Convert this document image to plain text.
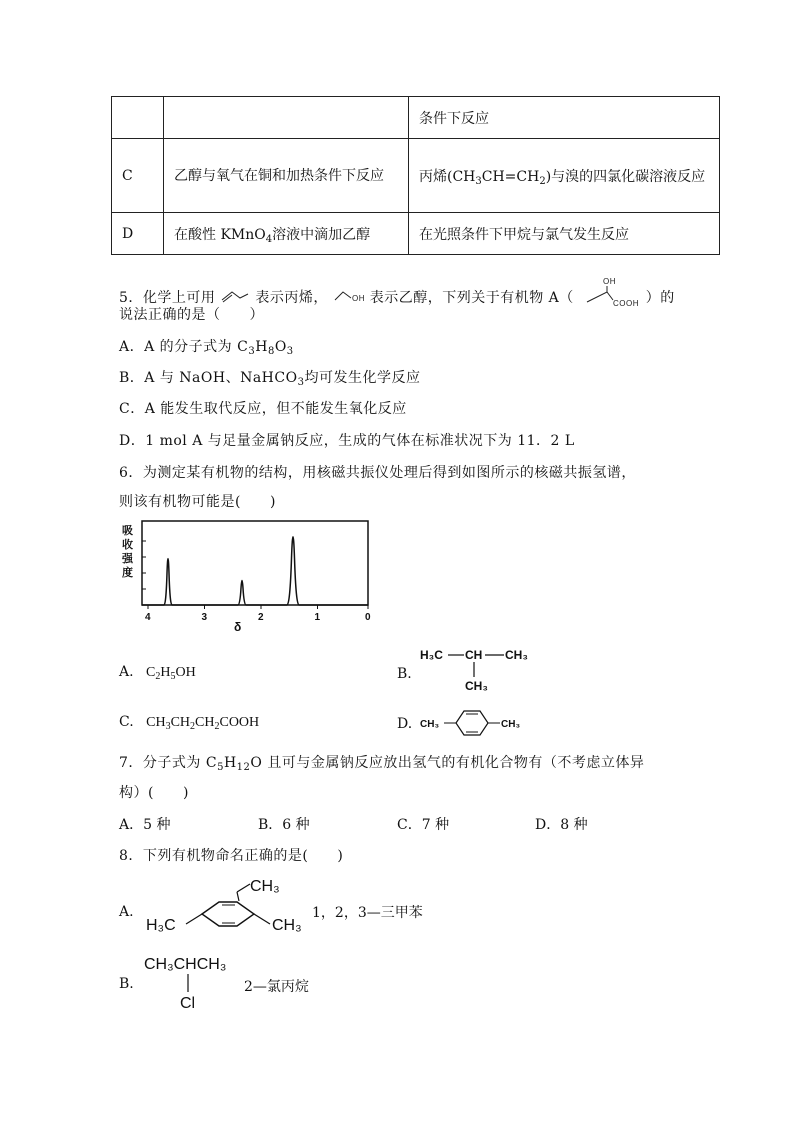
		条件下反应
C	乙醇与氧气在铜和加热条件下反应	丙烯$(CH_3CH=CH_2)$与溴的四氯化碳溶液反应
D	在酸性 KMnO$_4$溶液中滴加乙醇	在光照条件下甲烷与氯气发生反应
5．化学上可用	表示丙烯，	OH 表示乙醇，下列关于有机物 A（
OH
COOH ）的
说法正确的是（　　）
A．A 的分子式为 $C_3H_8O_3$
B．A 与 NaOH、NaHCO$_3$均可发生化学反应
C．A 能发生取代反应，但不能发生氧化反应
D．1 mol A 与足量金属钠反应，生成的气体在标准状况下为 11．2 L
6．为测定某有机物的结构，用核磁共振仪处理后得到如图所示的核磁共振氢谱，
则该有机物可能是(　　)
吸
收
强
度
4	3	2	1	0
δ
A. $C_2H_5OH$	B.
H₃C CH CH₃
CH₃
C. $CH_3CH_2CH_2COOH$	D. CH₃	CH₃
7．分子式为 $C_5H_{12}O$ 且可与金属钠反应放出氢气的有机化合物有（不考虑立体异
构）(　　)
A．5 种	B．6 种	C．7 种	D．8 种
8．下列有机物命名正确的是(　　)
A.
CH₃
H₃C	CH₃
1，2，3—三甲苯
B.
CH₃CHCH₃
Cl
2—氯丙烷
